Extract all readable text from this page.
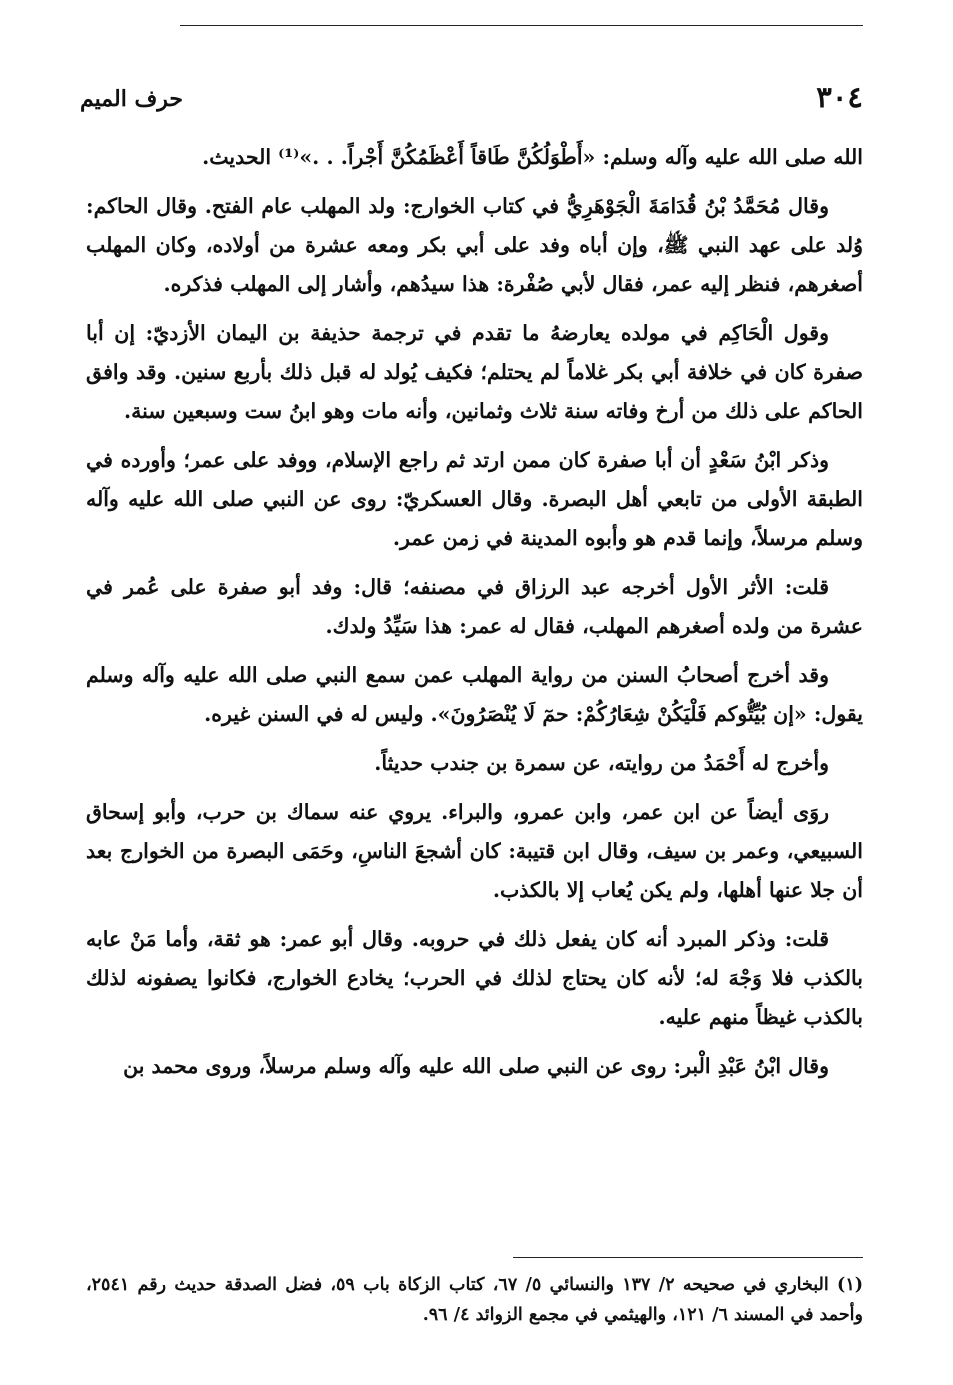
٣٠٤
حرف الميم

الله صلى الله عليه وآله وسلم: «أَطْوَلُكُنَّ طَاقاً أَعْظَمُكُنَّ أَجْراً. . .»⁽¹⁾ الحديث.

وقال مُحَمَّدُ بْنُ قُدَامَةَ الْجَوْهَرِيُّ في كتاب الخوارج: ولد المهلب عام الفتح. وقال الحاكم: وُلد على عهد النبي ﷺ، وإن أباه وفد على أبي بكر ومعه عشرة من أولاده، وكان المهلب أصغرهم، فنظر إليه عمر، فقال لأبي صُفْرة: هذا سيدُهم، وأشار إلى المهلب فذكره.

وقول الْحَاكِم في مولده يعارضهُ ما تقدم في ترجمة حذيفة بن اليمان الأزديّ: إن أبا صفرة كان في خلافة أبي بكر غلاماً لم يحتلم؛ فكيف يُولد له قبل ذلك بأربع سنين. وقد وافق الحاكم على ذلك من أرخ وفاته سنة ثلاث وثمانين، وأنه مات وهو ابنُ ست وسبعين سنة.

وذكر ابْنُ سَعْدٍ أن أبا صفرة كان ممن ارتد ثم راجع الإسلام، ووفد على عمر؛ وأورده في الطبقة الأولى من تابعي أهل البصرة. وقال العسكريّ: روى عن النبي صلى الله عليه وآله وسلم مرسلاً، وإنما قدم هو وأبوه المدينة في زمن عمر.

قلت: الأثر الأول أخرجه عبد الرزاق في مصنفه؛ قال: وفد أبو صفرة على عُمر في عشرة من ولده أصغرهم المهلب، فقال له عمر: هذا سَيِّدُ ولدك.

وقد أخرج أصحابُ السنن من رواية المهلب عمن سمع النبي صلى الله عليه وآله وسلم يقول: «إن بُيِّتُّوكم فَلْيَكُنْ شِعَارُكُمْ: حمٓ لَا يُنْصَرُونَ». وليس له في السنن غيره.

وأخرج له أَحْمَدُ من روايته، عن سمرة بن جندب حديثاً.

روَى أيضاً عن ابن عمر، وابن عمرو، والبراء. يروي عنه سماك بن حرب، وأبو إسحاق السبيعي، وعمر بن سيف، وقال ابن قتيبة: كان أشجعَ الناسِ، وحَمَى البصرة من الخوارج بعد أن جلا عنها أهلها، ولم يكن يُعاب إلا بالكذب.

قلت: وذكر المبرد أنه كان يفعل ذلك في حروبه. وقال أبو عمر: هو ثقة، وأما مَنْ عابه بالكذب فلا وَجْهَ له؛ لأنه كان يحتاج لذلك في الحرب؛ يخادع الخوارج، فكانوا يصفونه لذلك بالكذب غيظاً منهم عليه.

وقال ابْنُ عَبْدِ الْبر: روى عن النبي صلى الله عليه وآله وسلم مرسلاً، وروى محمد بن

(١) البخاري في صحيحه ٢/ ١٣٧ والنسائي ٥/ ٦٧، كتاب الزكاة باب ٥٩، فضل الصدقة حديث رقم ٢٥٤١، وأحمد في المسند ٦/ ١٢١، والهيثمي في مجمع الزوائد ٤/ ٩٦.
